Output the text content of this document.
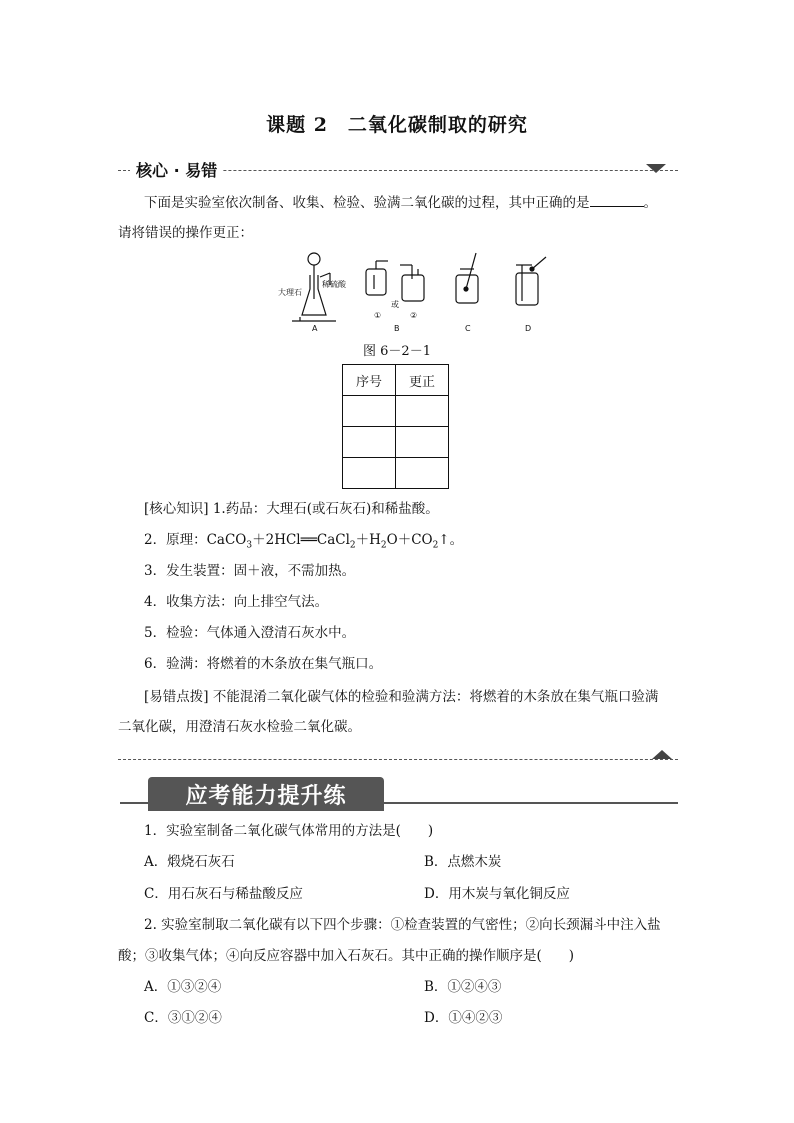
课题 2　二氧化碳制取的研究
核心 · 易错
下面是实验室依次制备、收集、检验、验满二氧化碳的过程，其中正确的是	。
请将错误的操作更正：
大理石
稀硫酸
①
或
②
A	B	C	D
图 6－2－1
序号	更正

[核心知识] 1.药品：大理石(或石灰石)和稀盐酸。
2．原理：$CaCO_3+2HCl══CaCl_2+H_2O+CO_2↑$。
3．发生装置：固＋液，不需加热。
4．收集方法：向上排空气法。
5．检验：气体通入澄清石灰水中。
6．验满：将燃着的木条放在集气瓶口。
[易错点拨] 不能混淆二氧化碳气体的检验和验满方法：将燃着的木条放在集气瓶口验满
二氧化碳，用澄清石灰水检验二氧化碳。
应考能力提升练
1．实验室制备二氧化碳气体常用的方法是(　　)
A．煅烧石灰石	B．点燃木炭
C．用石灰石与稀盐酸反应	D．用木炭与氧化铜反应
2. 实验室制取二氧化碳有以下四个步骤：①检查装置的气密性；②向长颈漏斗中注入盐
酸；③收集气体；④向反应容器中加入石灰石。其中正确的操作顺序是(　　)
A．①③②④	B．①②④③
C．③①②④	D．①④②③
